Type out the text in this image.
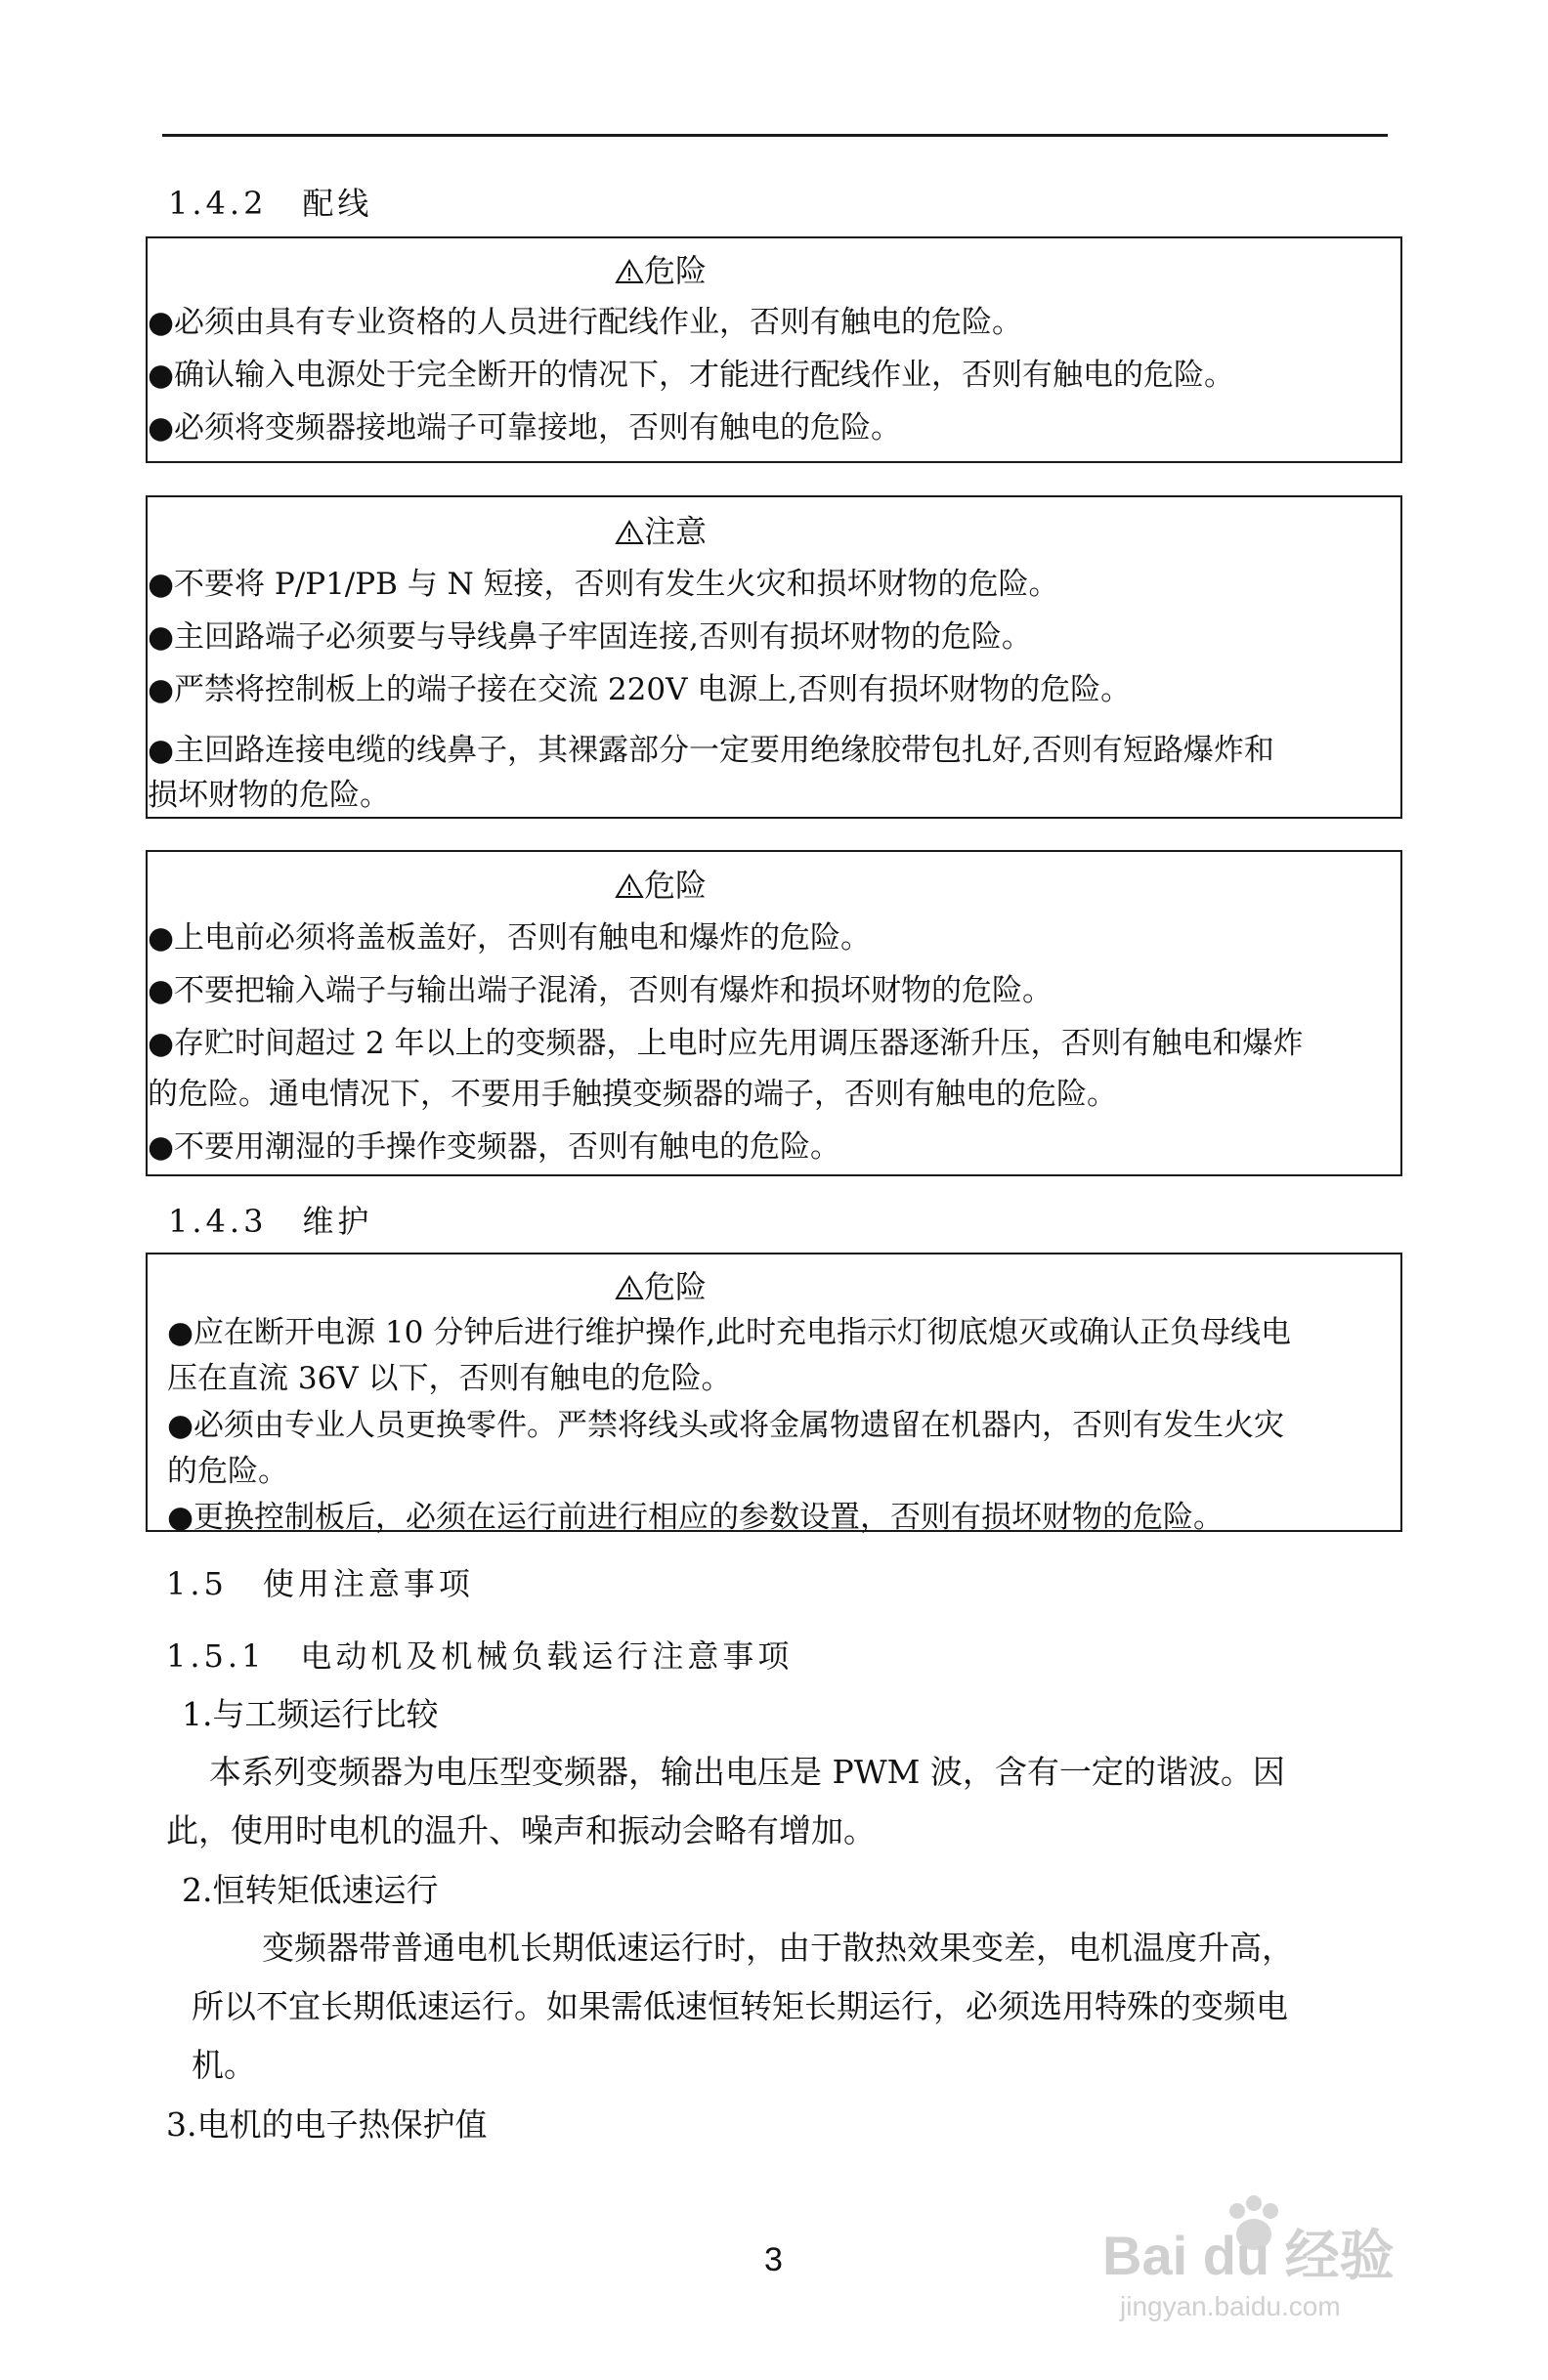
1.4.2　配线
危险
●必须由具有专业资格的人员进行配线作业，否则有触电的危险。
●确认输入电源处于完全断开的情况下，才能进行配线作业，否则有触电的危险。
●必须将变频器接地端子可靠接地，否则有触电的危险。
注意
●不要将 P/P1/PB 与 N 短接，否则有发生火灾和损坏财物的危险。
●主回路端子必须要与导线鼻子牢固连接,否则有损坏财物的危险。
●严禁将控制板上的端子接在交流 220V 电源上,否则有损坏财物的危险。
●主回路连接电缆的线鼻子，其裸露部分一定要用绝缘胶带包扎好,否则有短路爆炸和
损坏财物的危险。
危险
●上电前必须将盖板盖好，否则有触电和爆炸的危险。
●不要把输入端子与输出端子混淆，否则有爆炸和损坏财物的危险。
●存贮时间超过 2 年以上的变频器，上电时应先用调压器逐渐升压，否则有触电和爆炸
的危险。通电情况下，不要用手触摸变频器的端子，否则有触电的危险。
●不要用潮湿的手操作变频器，否则有触电的危险。
1.4.3　维护
危险
●应在断开电源 10 分钟后进行维护操作,此时充电指示灯彻底熄灭或确认正负母线电
压在直流 36V 以下，否则有触电的危险。
●必须由专业人员更换零件。严禁将线头或将金属物遗留在机器内，否则有发生火灾
的危险。
●更换控制板后，必须在运行前进行相应的参数设置，否则有损坏财物的危险。
1.5　使用注意事项
1.5.1　电动机及机械负载运行注意事项
1.与工频运行比较
本系列变频器为电压型变频器，输出电压是 PWM 波，含有一定的谐波。因
此，使用时电机的温升、噪声和振动会略有增加。
2.恒转矩低速运行
变频器带普通电机长期低速运行时，由于散热效果变差，电机温度升高，
所以不宜长期低速运行。如果需低速恒转矩长期运行，必须选用特殊的变频电
机。
3.电机的电子热保护值
3	Bai du 经验
jingyan.baidu.com
